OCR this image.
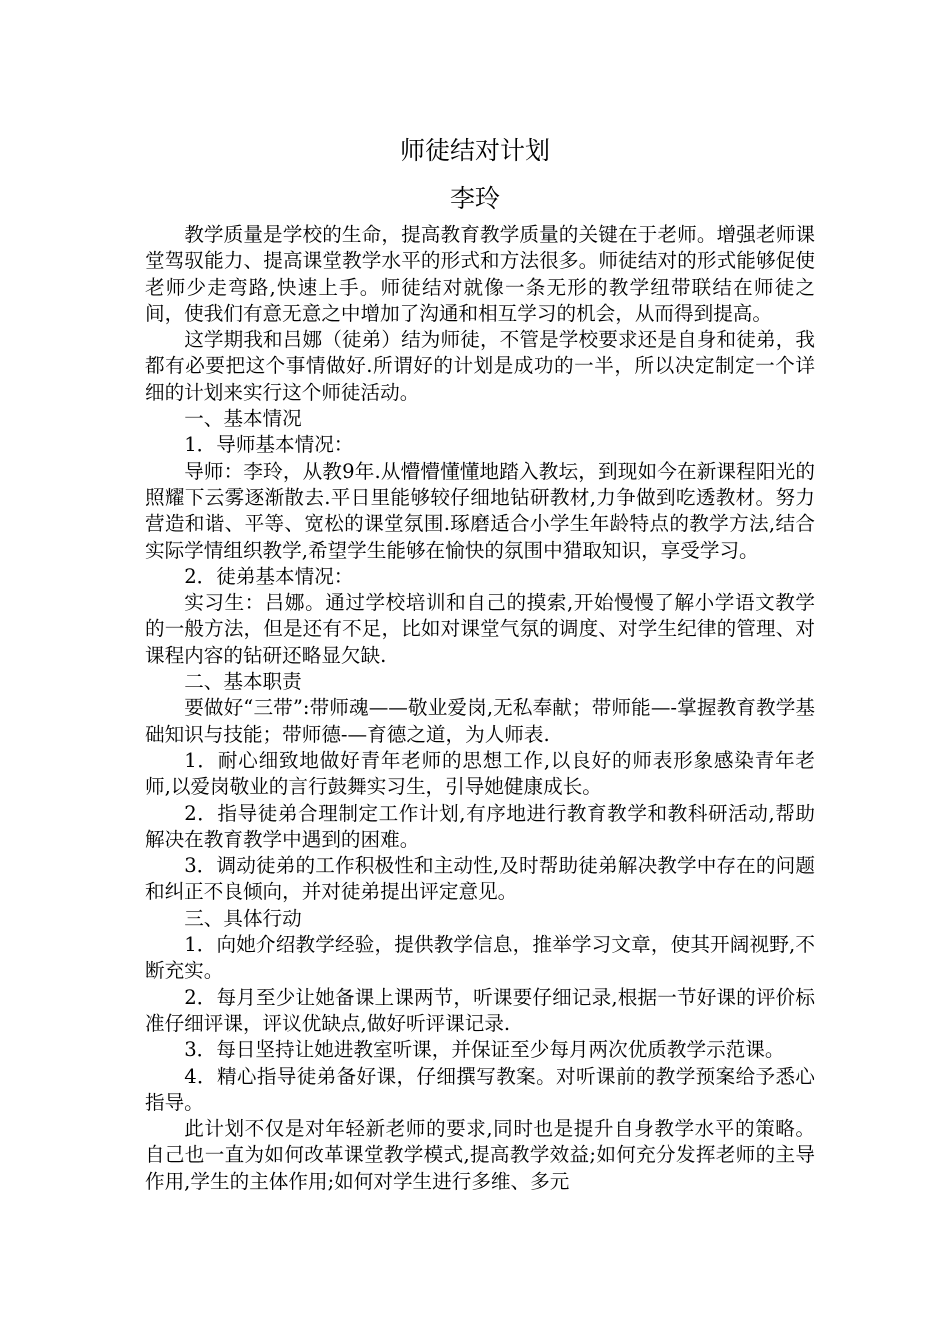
师徒结对计划
李玲

教学质量是学校的生命，提高教育教学质量的关键在于老师。增强老师课堂驾驭能力、提高课堂教学水平的形式和方法很多。师徒结对的形式能够促使老师少走弯路,快速上手。师徒结对就像一条无形的教学纽带联结在师徒之间，使我们有意无意之中增加了沟通和相互学习的机会，从而得到提高。

这学期我和吕娜（徒弟）结为师徒，不管是学校要求还是自身和徒弟，我都有必要把这个事情做好.所谓好的计划是成功的一半，所以决定制定一个详细的计划来实行这个师徒活动。

一、基本情况

1．导师基本情况：

导师：李玲，从教9年.从懵懵懂懂地踏入教坛，到现如今在新课程阳光的照耀下云雾逐渐散去.平日里能够较仔细地钻研教材,力争做到吃透教材。努力营造和谐、平等、宽松的课堂氛围.琢磨适合小学生年龄特点的教学方法,结合实际学情组织教学,希望学生能够在愉快的氛围中猎取知识，享受学习。

2．徒弟基本情况：

实习生：吕娜。通过学校培训和自己的摸索,开始慢慢了解小学语文教学的一般方法，但是还有不足，比如对课堂气氛的调度、对学生纪律的管理、对课程内容的钻研还略显欠缺.

二、基本职责

要做好“三带”:带师魂——敬业爱岗,无私奉献；带师能—-掌握教育教学基础知识与技能；带师德-—育德之道，为人师表.

1．耐心细致地做好青年老师的思想工作,以良好的师表形象感染青年老师,以爱岗敬业的言行鼓舞实习生，引导她健康成长。

2．指导徒弟合理制定工作计划,有序地进行教育教学和教科研活动,帮助解决在教育教学中遇到的困难。

3．调动徒弟的工作积极性和主动性,及时帮助徒弟解决教学中存在的问题和纠正不良倾向，并对徒弟提出评定意见。

三、具体行动

1．向她介绍教学经验，提供教学信息，推举学习文章，使其开阔视野,不断充实。

2．每月至少让她备课上课两节，听课要仔细记录,根据一节好课的评价标准仔细评课，评议优缺点,做好听评课记录.

3．每日坚持让她进教室听课，并保证至少每月两次优质教学示范课。

4．精心指导徒弟备好课，仔细撰写教案。对听课前的教学预案给予悉心指导。

此计划不仅是对年轻新老师的要求,同时也是提升自身教学水平的策略。自己也一直为如何改革课堂教学模式,提高教学效益;如何充分发挥老师的主导作用,学生的主体作用;如何对学生进行多维、多元
